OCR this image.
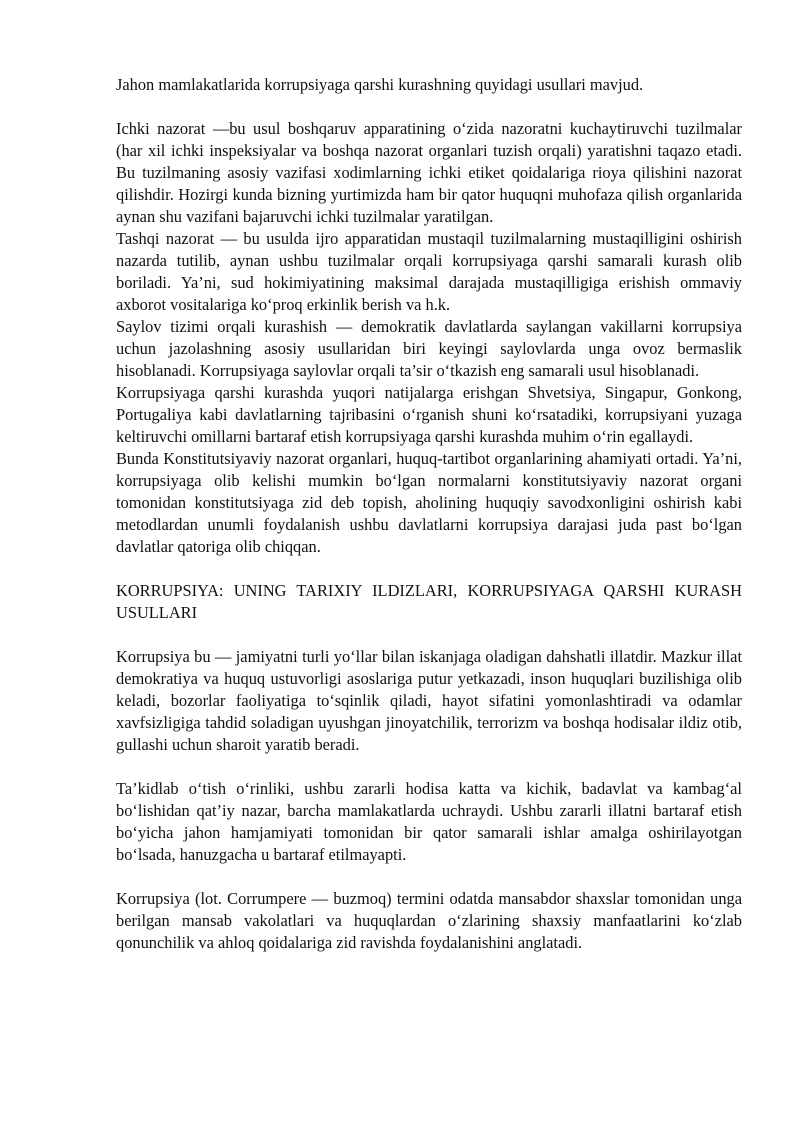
Jahon mamlakatlarida korrupsiyaga qarshi kurashning quyidagi usullari mavjud.

Ichki nazorat —bu usul boshqaruv apparatining o‘zida nazoratni kuchaytiruvchi tuzilmalar (har xil ichki inspeksiyalar va boshqa nazorat organlari tuzish orqali) yaratishni taqazo etadi. Bu tuzilmaning asosiy vazifasi xodimlarning ichki etiket qoidalariga rioya qilishini nazorat qilishdir. Hozirgi kunda bizning yurtimizda ham bir qator huquqni muhofaza qilish organlarida aynan shu vazifani bajaruvchi ichki tuzilmalar yaratilgan.

Tashqi nazorat — bu usulda ijro apparatidan mustaqil tuzilmalarning mustaqilligini oshirish nazarda tutilib, aynan ushbu tuzilmalar orqali korrupsiyaga qarshi samarali kurash olib boriladi. Ya’ni, sud hokimiyatining maksimal darajada mustaqilligiga erishish ommaviy axborot vositalariga ko‘proq erkinlik berish va h.k.

Saylov tizimi orqali kurashish — demokratik davlatlarda saylangan vakillarni korrupsiya uchun jazolashning asosiy usullaridan biri keyingi saylovlarda unga ovoz bermaslik hisoblanadi. Korrupsiyaga saylovlar orqali ta’sir o‘tkazish eng samarali usul hisoblanadi.

Korrupsiyaga qarshi kurashda yuqori natijalarga erishgan Shvetsiya, Singapur, Gonkong, Portugaliya kabi davlatlarning tajribasini o‘rganish shuni ko‘rsatadiki, korrupsiyani yuzaga keltiruvchi omillarni bartaraf etish korrupsiyaga qarshi kurashda muhim o‘rin egallaydi.

Bunda Konstitutsiyaviy nazorat organlari, huquq-tartibot organlarining ahamiyati ortadi. Ya’ni, korrupsiyaga olib kelishi mumkin bo‘lgan normalarni konstitutsiyaviy nazorat organi tomonidan konstitutsiyaga zid deb topish, aholining huquqiy savodxonligini oshirish kabi metodlardan unumli foydalanish ushbu davlatlarni korrupsiya darajasi juda past bo‘lgan davlatlar qatoriga olib chiqqan.

KORRUPSIYA: UNING TARIXIY ILDIZLARI, KORRUPSIYAGA QARSHI KURASH USULLARI

Korrupsiya bu — jamiyatni turli yo‘llar bilan iskanjaga oladigan dahshatli illatdir. Mazkur illat demokratiya va huquq ustuvorligi asoslariga putur yetkazadi, inson huquqlari buzilishiga olib keladi, bozorlar faoliyatiga to‘sqinlik qiladi, hayot sifatini yomonlashtiradi va odamlar xavfsizligiga tahdid soladigan uyushgan jinoyatchilik, terrorizm va boshqa hodisalar ildiz otib, gullashi uchun sharoit yaratib beradi.

Ta’kidlab o‘tish o‘rinliki, ushbu zararli hodisa katta va kichik, badavlat va kambag‘al bo‘lishidan qat’iy nazar, barcha mamlakatlarda uchraydi. Ushbu zararli illatni bartaraf etish bo‘yicha jahon hamjamiyati tomonidan bir qator samarali ishlar amalga oshirilayotgan bo‘lsada, hanuzgacha u bartaraf etilmayapti.

Korrupsiya (lot. Corrumpere — buzmoq) termini odatda mansabdor shaxslar tomonidan unga berilgan mansab vakolatlari va huquqlardan o‘zlarining shaxsiy manfaatlarini ko‘zlab qonunchilik va ahloq qoidalariga zid ravishda foydalanishini anglatadi.
